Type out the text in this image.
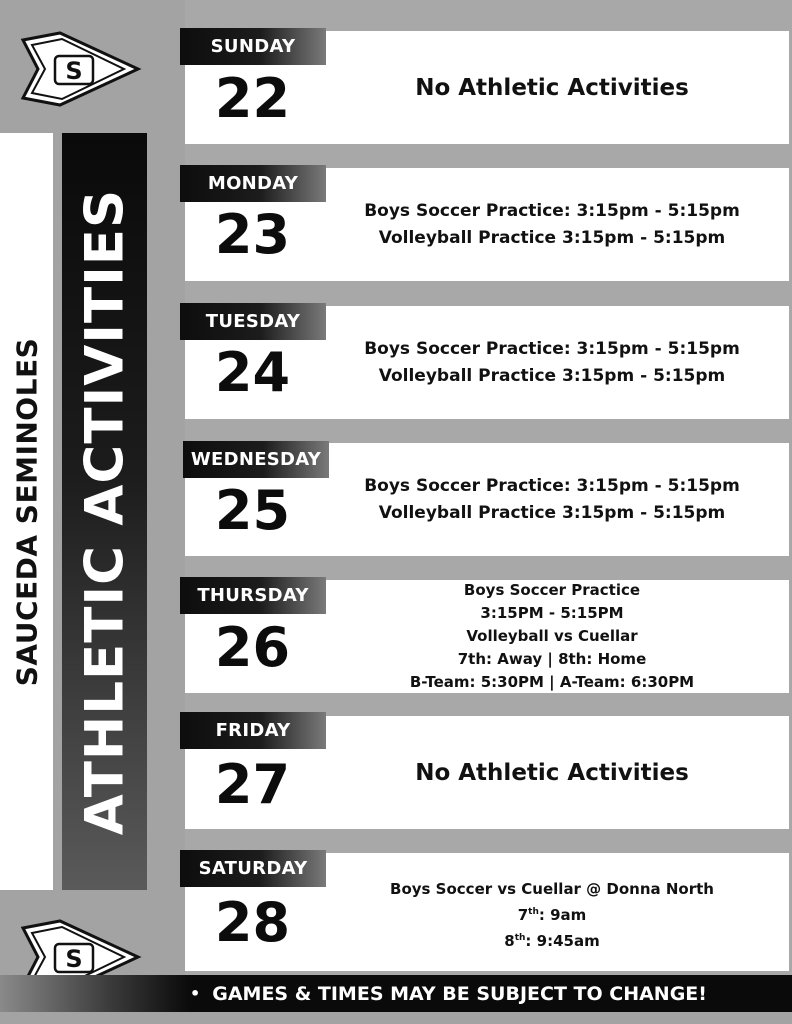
S
SAUCEDA SEMINOLES ATHLETIC ACTIVITIES
S
SUNDAY
22	No Athletic Activities
MONDAY
23	Boys Soccer Practice: 3:15pm - 5:15pm
Volleyball Practice 3:15pm - 5:15pm
TUESDAY
24	Boys Soccer Practice: 3:15pm - 5:15pm
Volleyball Practice 3:15pm - 5:15pm
WEDNESDAY
25	Boys Soccer Practice: 3:15pm - 5:15pm
Volleyball Practice 3:15pm - 5:15pm
THURSDAY
26
Boys Soccer Practice
3:15PM - 5:15PM
Volleyball vs Cuellar
7th: Away | 8th: Home
B-Team: 5:30PM | A-Team: 6:30PM
FRIDAY
27	No Athletic Activities
SATURDAY
28
Boys Soccer vs Cuellar @ Donna North
7th: 9am
8th: 9:45am
• GAMES & TIMES MAY BE SUBJECT TO CHANGE!
